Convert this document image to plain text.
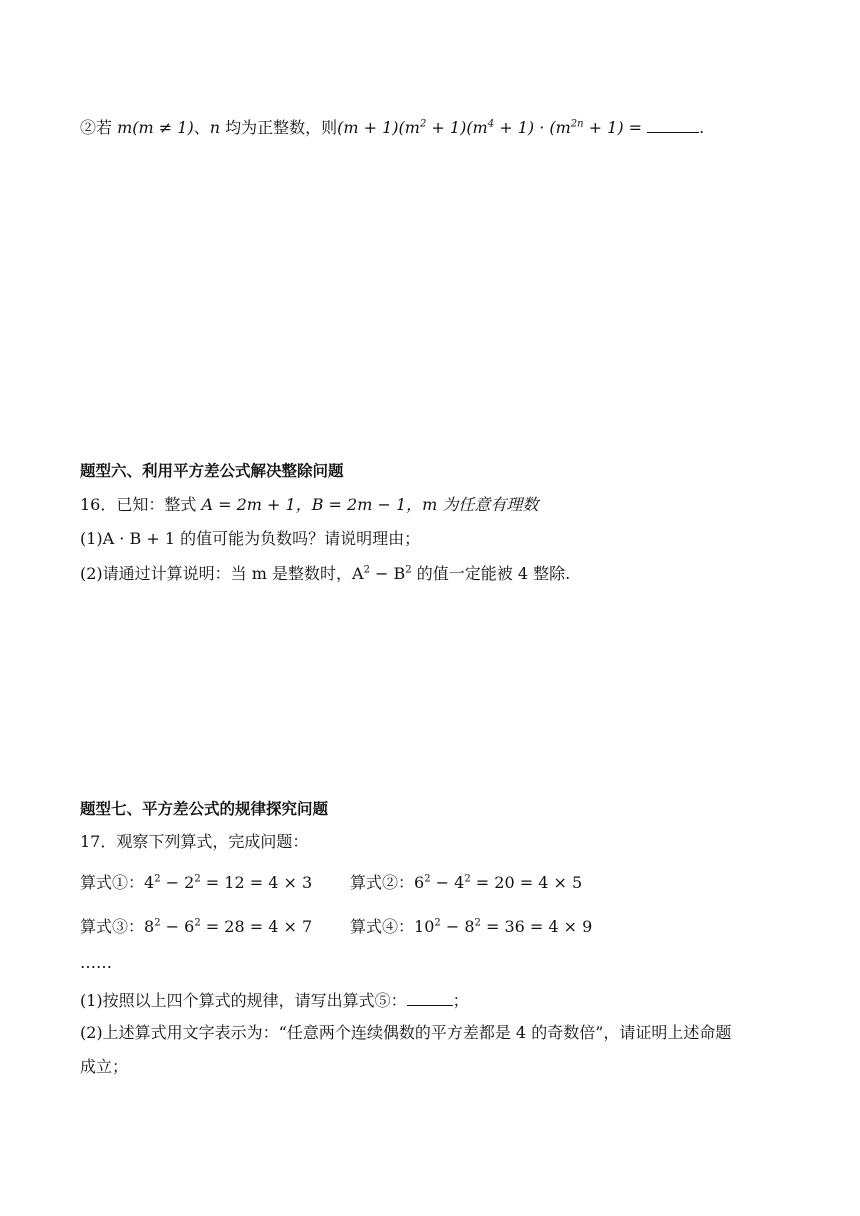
②若 m(m ≠ 1)、n 均为正整数，则$(m + 1)(m^2 + 1)(m^4 + 1) \cdot (m^{2n} + 1)$ =	.
题型六、利用平方差公式解决整除问题
16．已知：整式 A = 2m + 1，B = 2m − 1，m 为任意有理数
(1)A · B + 1 的值可能为负数吗？请说明理由；
(2)请通过计算说明：当 m 是整数时，$A^2 - B^2$ 的值一定能被 4 整除.
题型七、平方差公式的规律探究问题
17．观察下列算式，完成问题：
算式①：$4^2 - 2^2 = 12 = 4 \times 3$ 算式②：$6^2 - 4^2 = 20 = 4 \times 5$
算式③：$8^2 - 6^2 = 28 = 4 \times 7$ 算式④：$10^2 - 8^2 = 36 = 4 \times 9$
……
(1)按照以上四个算式的规律，请写出算式⑤：	；
(2)上述算式用文字表示为：“任意两个连续偶数的平方差都是 4 的奇数倍”，请证明上述命题
成立；
